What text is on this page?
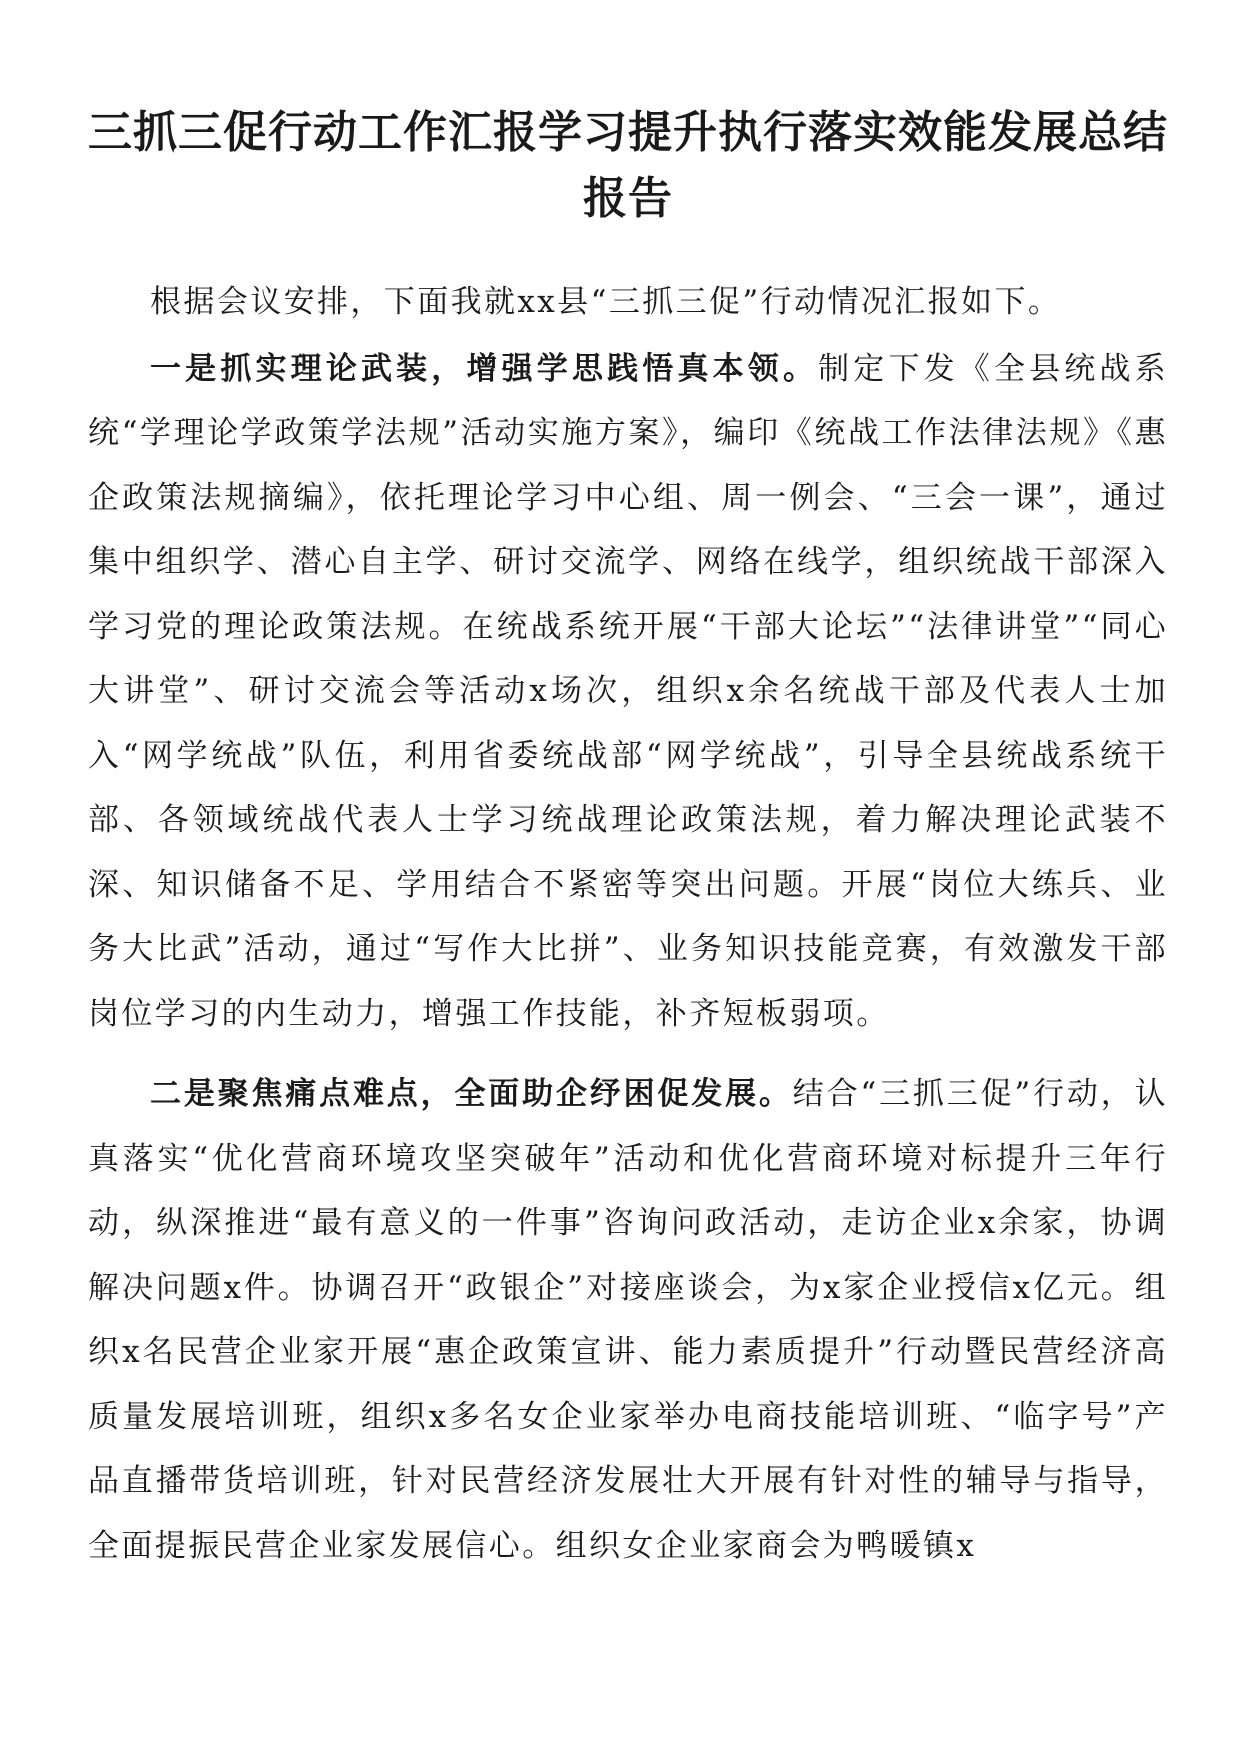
三抓三促行动工作汇报学习提升执行落实效能发展总结报告

根据会议安排，下面我就xx县“三抓三促”行动情况汇报如下。

一是抓实理论武装，增强学思践悟真本领。制定下发《全县统战系统“学理论学政策学法规”活动实施方案》，编印《统战工作法律法规》《惠企政策法规摘编》，依托理论学习中心组、周一例会、“三会一课”，通过集中组织学、潜心自主学、研讨交流学、网络在线学，组织统战干部深入学习党的理论政策法规。在统战系统开展“干部大论坛”“法律讲堂”“同心大讲堂”、研讨交流会等活动x场次，组织x余名统战干部及代表人士加入“网学统战”队伍，利用省委统战部“网学统战”，引导全县统战系统干部、各领域统战代表人士学习统战理论政策法规，着力解决理论武装不深、知识储备不足、学用结合不紧密等突出问题。开展“岗位大练兵、业务大比武”活动，通过“写作大比拼”、业务知识技能竞赛，有效激发干部岗位学习的内生动力，增强工作技能，补齐短板弱项。

二是聚焦痛点难点，全面助企纾困促发展。结合“三抓三促”行动，认真落实“优化营商环境攻坚突破年”活动和优化营商环境对标提升三年行动，纵深推进“最有意义的一件事”咨询问政活动，走访企业x余家，协调解决问题x件。协调召开“政银企”对接座谈会，为x家企业授信x亿元。组织x名民营企业家开展“惠企政策宣讲、能力素质提升”行动暨民营经济高质量发展培训班，组织x多名女企业家举办电商技能培训班、“临字号”产品直播带货培训班，针对民营经济发展壮大开展有针对性的辅导与指导，全面提振民营企业家发展信心。组织女企业家商会为鸭暖镇x
